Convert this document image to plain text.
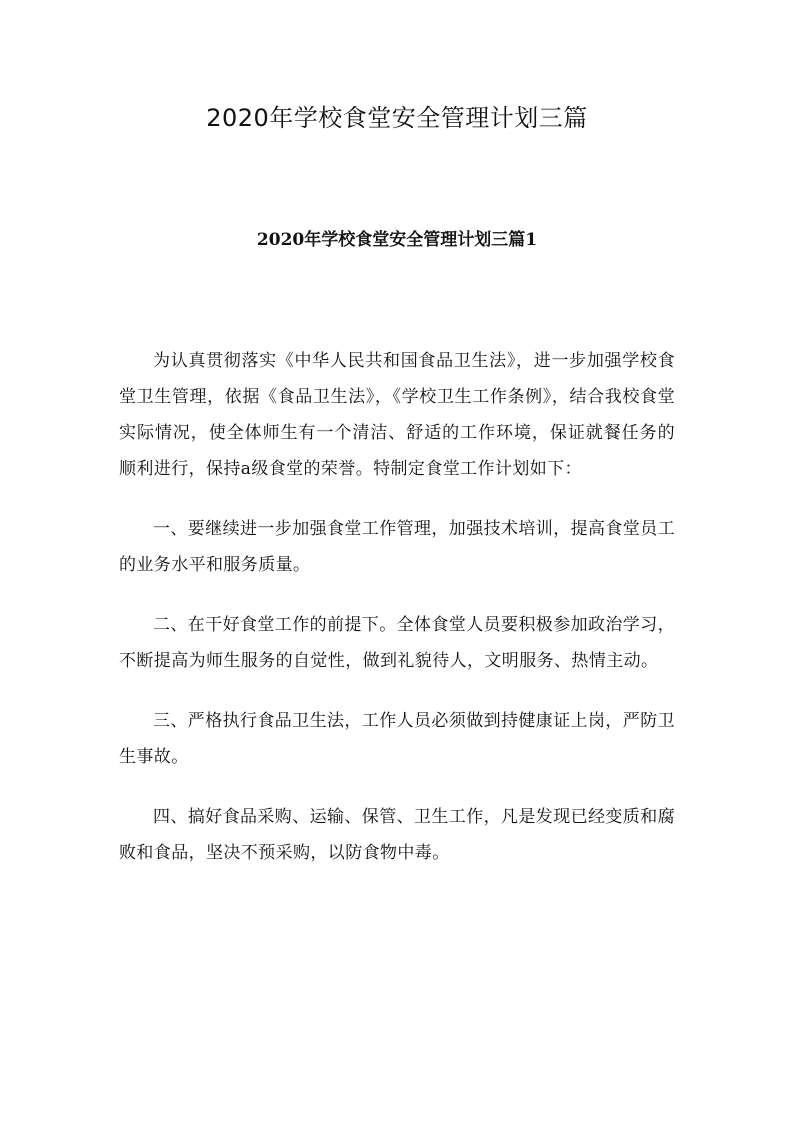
2020年学校食堂安全管理计划三篇
2020年学校食堂安全管理计划三篇1

为认真贯彻落实《中华人民共和国食品卫生法》，进一步加强学校食堂卫生管理，依据《食品卫生法》，《学校卫生工作条例》，结合我校食堂实际情况，使全体师生有一个清洁、舒适的工作环境，保证就餐任务的顺利进行，保持a级食堂的荣誉。特制定食堂工作计划如下：

一、要继续进一步加强食堂工作管理，加强技术培训，提高食堂员工的业务水平和服务质量。

二、在干好食堂工作的前提下。全体食堂人员要积极参加政治学习，不断提高为师生服务的自觉性，做到礼貌待人，文明服务、热情主动。

三、严格执行食品卫生法，工作人员必须做到持健康证上岗，严防卫生事故。

四、搞好食品采购、运输、保管、卫生工作，凡是发现已经变质和腐败和食品，坚决不预采购，以防食物中毒。
